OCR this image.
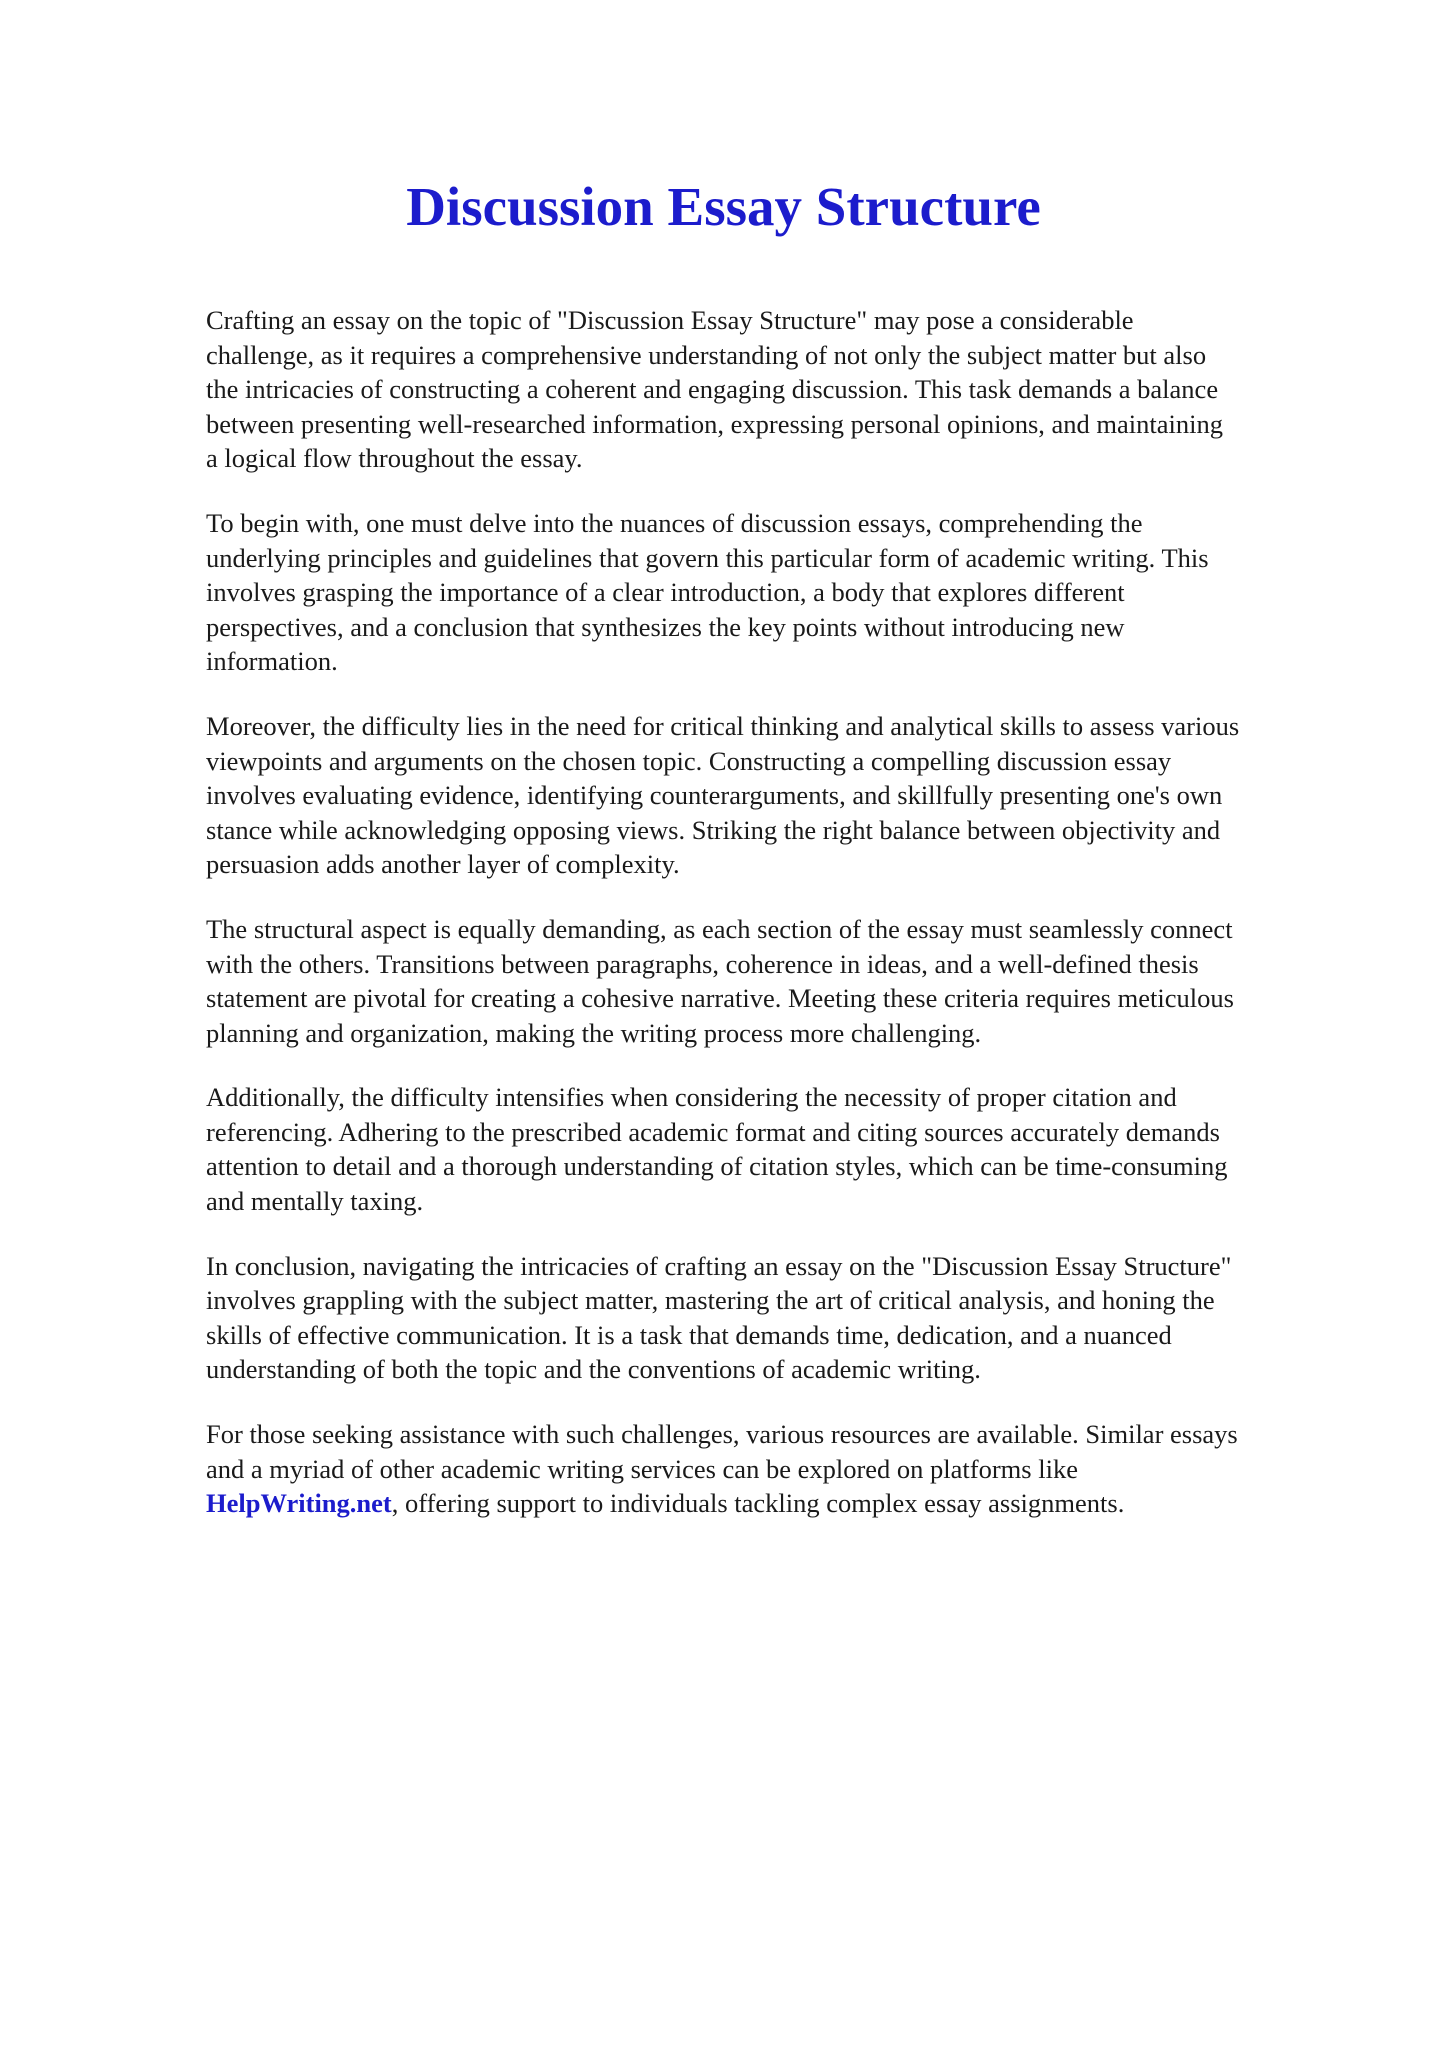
Discussion Essay Structure

Crafting an essay on the topic of "Discussion Essay Structure" may pose a considerable
challenge, as it requires a comprehensive understanding of not only the subject matter but also
the intricacies of constructing a coherent and engaging discussion. This task demands a balance
between presenting well-researched information, expressing personal opinions, and maintaining
a logical flow throughout the essay.

To begin with, one must delve into the nuances of discussion essays, comprehending the
underlying principles and guidelines that govern this particular form of academic writing. This
involves grasping the importance of a clear introduction, a body that explores different
perspectives, and a conclusion that synthesizes the key points without introducing new
information.

Moreover, the difficulty lies in the need for critical thinking and analytical skills to assess various
viewpoints and arguments on the chosen topic. Constructing a compelling discussion essay
involves evaluating evidence, identifying counterarguments, and skillfully presenting one's own
stance while acknowledging opposing views. Striking the right balance between objectivity and
persuasion adds another layer of complexity.

The structural aspect is equally demanding, as each section of the essay must seamlessly connect
with the others. Transitions between paragraphs, coherence in ideas, and a well-defined thesis
statement are pivotal for creating a cohesive narrative. Meeting these criteria requires meticulous
planning and organization, making the writing process more challenging.

Additionally, the difficulty intensifies when considering the necessity of proper citation and
referencing. Adhering to the prescribed academic format and citing sources accurately demands
attention to detail and a thorough understanding of citation styles, which can be time-consuming
and mentally taxing.

In conclusion, navigating the intricacies of crafting an essay on the "Discussion Essay Structure"
involves grappling with the subject matter, mastering the art of critical analysis, and honing the
skills of effective communication. It is a task that demands time, dedication, and a nuanced
understanding of both the topic and the conventions of academic writing.

For those seeking assistance with such challenges, various resources are available. Similar essays
and a myriad of other academic writing services can be explored on platforms like
HelpWriting.net, offering support to individuals tackling complex essay assignments.
